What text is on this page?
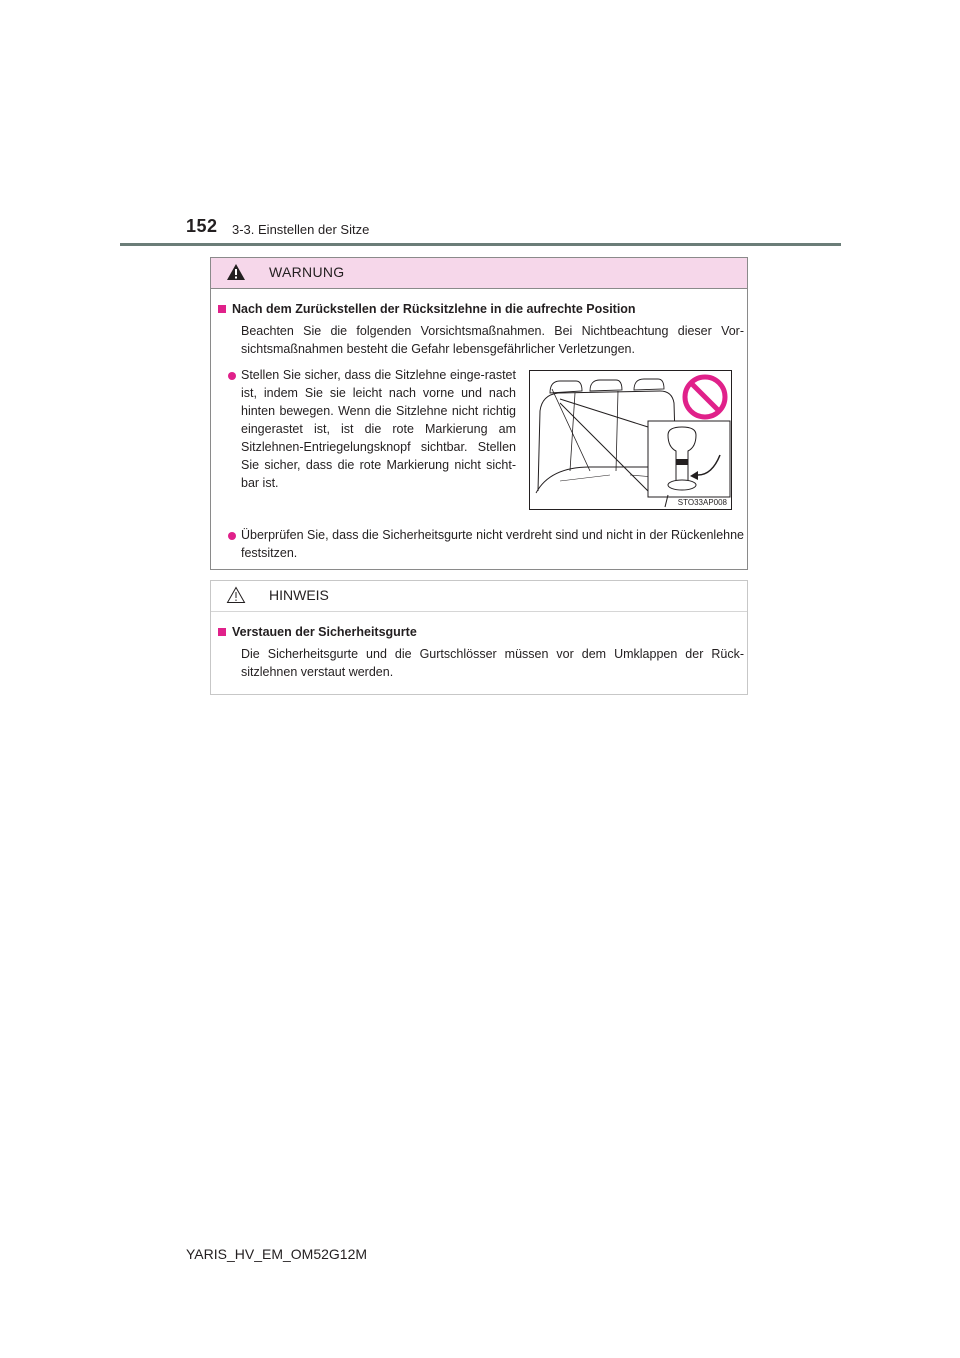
152 3-3. Einstellen der Sitze
WARNUNG
Nach dem Zurückstellen der Rücksitzlehne in die aufrechte Position
Beachten Sie die folgenden Vorsichtsmaßnahmen. Bei Nichtbeachtung dieser Vor-sichtsmaßnahmen besteht die Gefahr lebensgefährlicher Verletzungen.
Stellen Sie sicher, dass die Sitzlehne einge-rastet ist, indem Sie sie leicht nach vorne und nach hinten bewegen. Wenn die Sitzlehne nicht richtig eingerastet ist, ist die rote Markierung am Sitzlehnen-Entriegelungsknopf sichtbar. Stellen Sie sicher, dass die rote Markierung nicht sicht-bar ist.
STO33AP008
Überprüfen Sie, dass die Sicherheitsgurte nicht verdreht sind und nicht in der Rückenlehne festsitzen.
HINWEIS
Verstauen der Sicherheitsgurte
Die Sicherheitsgurte und die Gurtschlösser müssen vor dem Umklappen der Rück-sitzlehnen verstaut werden.
YARIS_HV_EM_OM52G12M
